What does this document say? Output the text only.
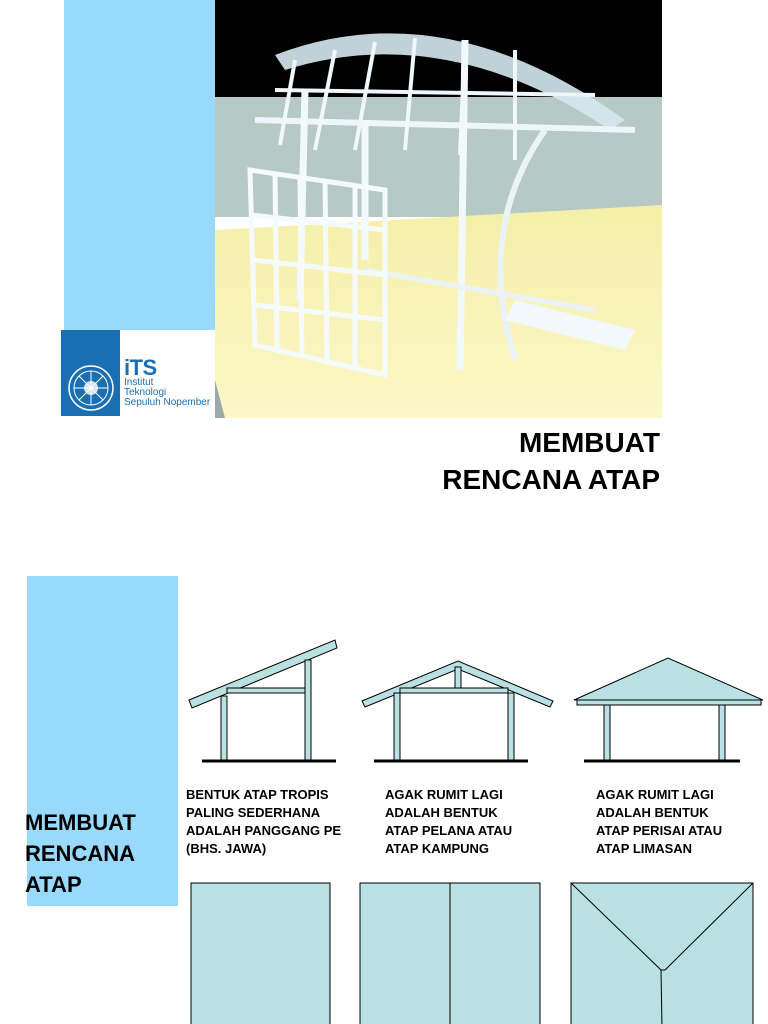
iTS
Institut
Teknologi
Sepuluh Nopember
MEMBUAT
RENCANA ATAP
MEMBUAT
RENCANA
ATAP
BENTUK ATAP TROPIS
PALING SEDERHANA
ADALAH PANGGANG PE
(BHS. JAWA)
AGAK RUMIT LAGI
ADALAH BENTUK
ATAP PELANA ATAU
ATAP KAMPUNG
AGAK RUMIT LAGI
ADALAH BENTUK
ATAP PERISAI ATAU
ATAP LIMASAN
